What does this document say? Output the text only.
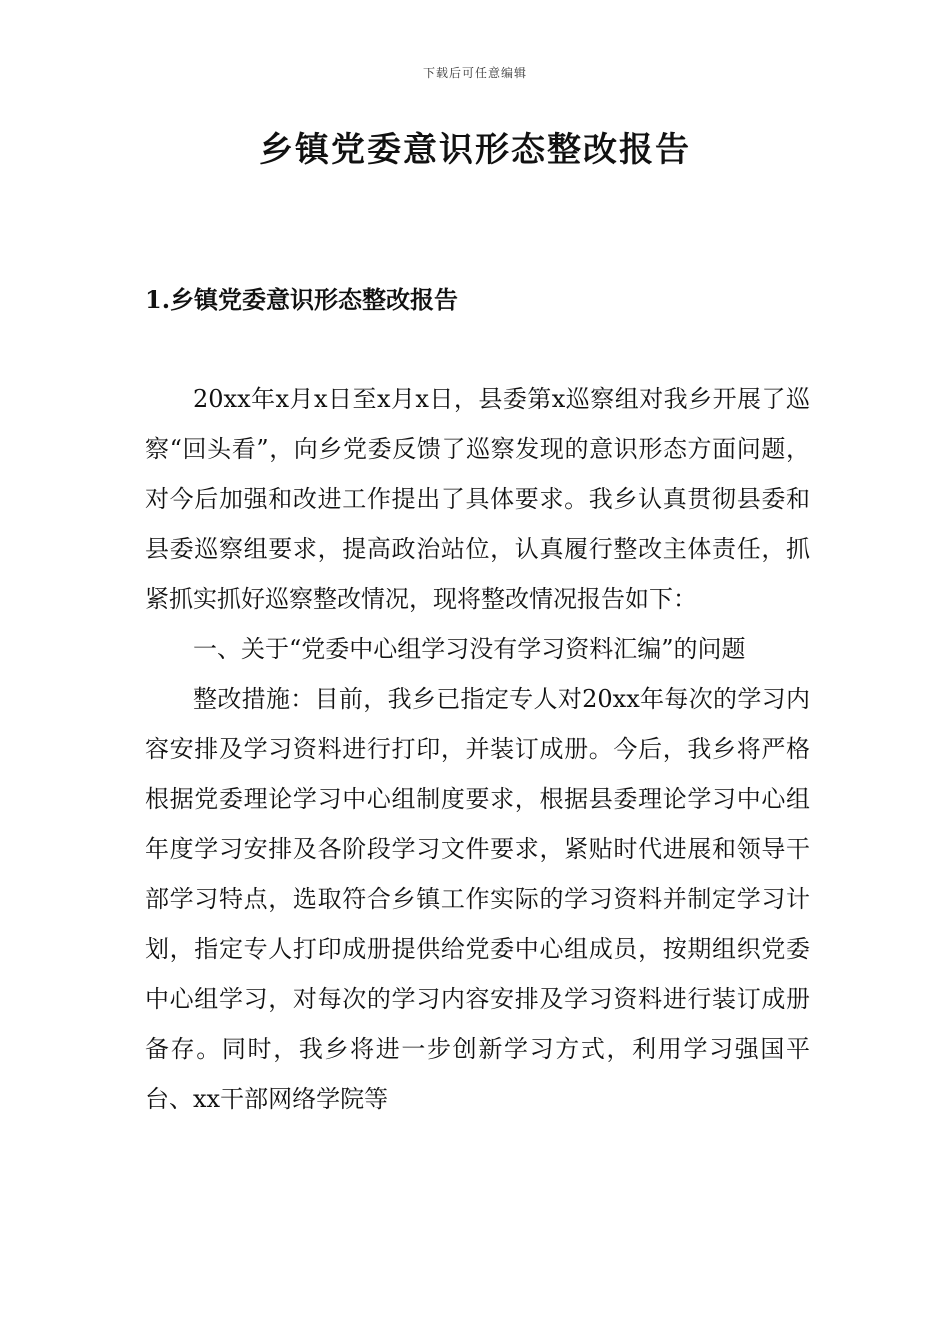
下载后可任意编辑
乡镇党委意识形态整改报告
1.乡镇党委意识形态整改报告

20xx年x月x日至x月x日，县委第x巡察组对我乡开展了巡察“回头看”，向乡党委反馈了巡察发现的意识形态方面问题，对今后加强和改进工作提出了具体要求。我乡认真贯彻县委和县委巡察组要求，提高政治站位，认真履行整改主体责任，抓紧抓实抓好巡察整改情况，现将整改情况报告如下：

一、关于“党委中心组学习没有学习资料汇编”的问题

整改措施：目前，我乡已指定专人对20xx年每次的学习内容安排及学习资料进行打印，并装订成册。今后，我乡将严格根据党委理论学习中心组制度要求，根据县委理论学习中心组年度学习安排及各阶段学习文件要求，紧贴时代进展和领导干部学习特点，选取符合乡镇工作实际的学习资料并制定学习计划，指定专人打印成册提供给党委中心组成员，按期组织党委中心组学习，对每次的学习内容安排及学习资料进行装订成册备存。同时，我乡将进一步创新学习方式，利用学习强国平台、xx干部网络学院等
